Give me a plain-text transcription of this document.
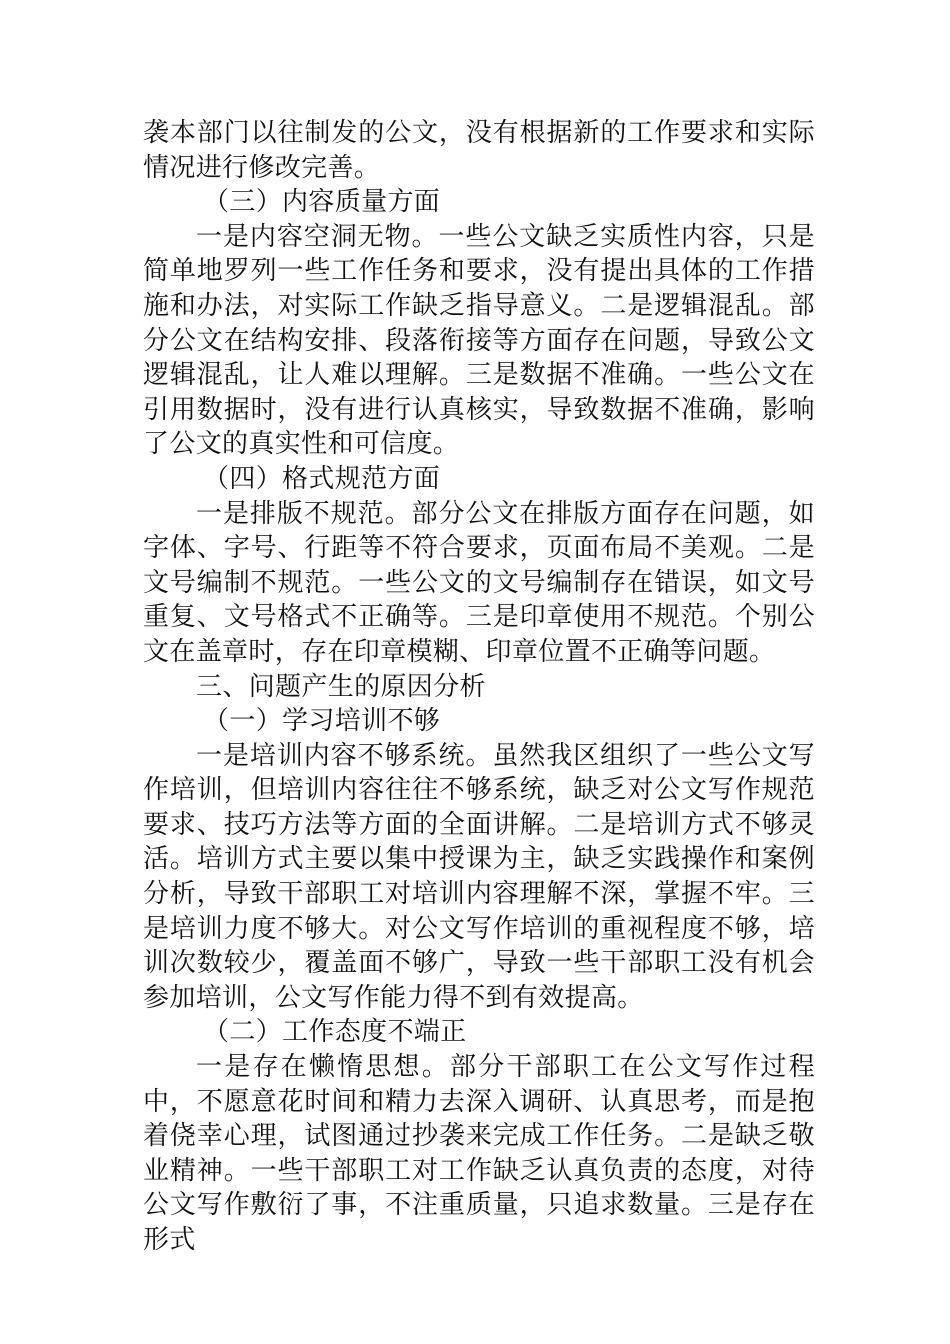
袭本部门以往制发的公文，没有根据新的工作要求和实际情况进行修改完善。

（三）内容质量方面

一是内容空洞无物。一些公文缺乏实质性内容，只是简单地罗列一些工作任务和要求，没有提出具体的工作措施和办法，对实际工作缺乏指导意义。二是逻辑混乱。部分公文在结构安排、段落衔接等方面存在问题，导致公文逻辑混乱，让人难以理解。三是数据不准确。一些公文在引用数据时，没有进行认真核实，导致数据不准确，影响了公文的真实性和可信度。

（四）格式规范方面

一是排版不规范。部分公文在排版方面存在问题，如字体、字号、行距等不符合要求，页面布局不美观。二是文号编制不规范。一些公文的文号编制存在错误，如文号重复、文号格式不正确等。三是印章使用不规范。个别公文在盖章时，存在印章模糊、印章位置不正确等问题。

三、问题产生的原因分析

（一）学习培训不够

一是培训内容不够系统。虽然我区组织了一些公文写作培训，但培训内容往往不够系统，缺乏对公文写作规范要求、技巧方法等方面的全面讲解。二是培训方式不够灵活。培训方式主要以集中授课为主，缺乏实践操作和案例分析，导致干部职工对培训内容理解不深，掌握不牢。三是培训力度不够大。对公文写作培训的重视程度不够，培训次数较少，覆盖面不够广，导致一些干部职工没有机会参加培训，公文写作能力得不到有效提高。

（二）工作态度不端正

一是存在懒惰思想。部分干部职工在公文写作过程中，不愿意花时间和精力去深入调研、认真思考，而是抱着侥幸心理，试图通过抄袭来完成工作任务。二是缺乏敬业精神。一些干部职工对工作缺乏认真负责的态度，对待公文写作敷衍了事，不注重质量，只追求数量。三是存在形式
